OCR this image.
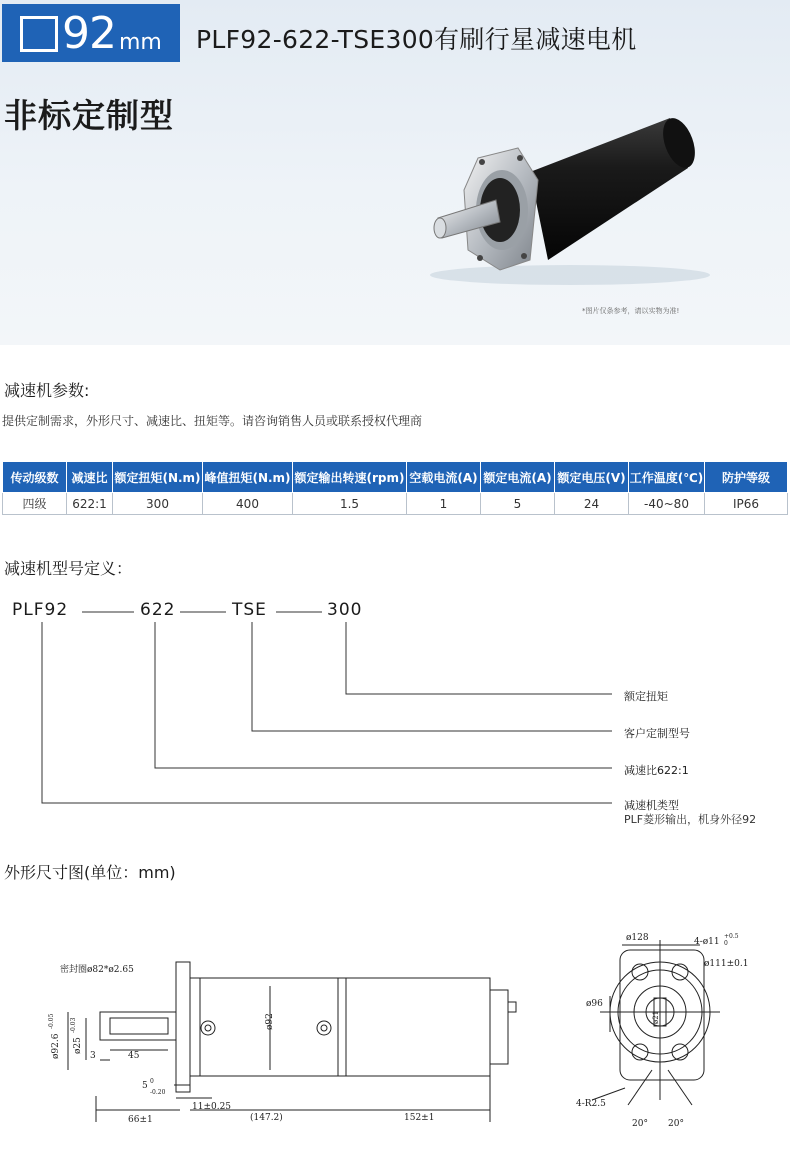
92 mm PLF92-622-TSE300有刷行星减速电机
非标定制型
*图片仅条参考，请以实物为准!
减速机参数:
提供定制需求，外形尺寸、减速比、扭矩等。请咨询销售人员或联系授权代理商
传动级数	减速比	额定扭矩(N.m)	峰值扭矩(N.m)	额定输出转速(rpm)	空载电流(A)	额定电流(A)	额定电压(V)	工作温度(℃)	防护等级
四级	622:1	300	400	1.5	1	5	24	-40~80	IP66
减速机型号定义：
PLF92	622	TSE	300
额定扭矩
客户定制型号
减速比622:1
减速机类型
PLF菱形输出，机身外径92
外形尺寸图(单位：mm)
密封圈ø82*ø2.65
ø92.6
-0.05
ø25
-0.03	ø92
45
3
5 0
-0.20
11±0.25
66±1	(147.2)	152±1
ø128	4-ø11
+0.5
0
ø111±0.1
ø96
ø21
4-R2.5
20° 20°
